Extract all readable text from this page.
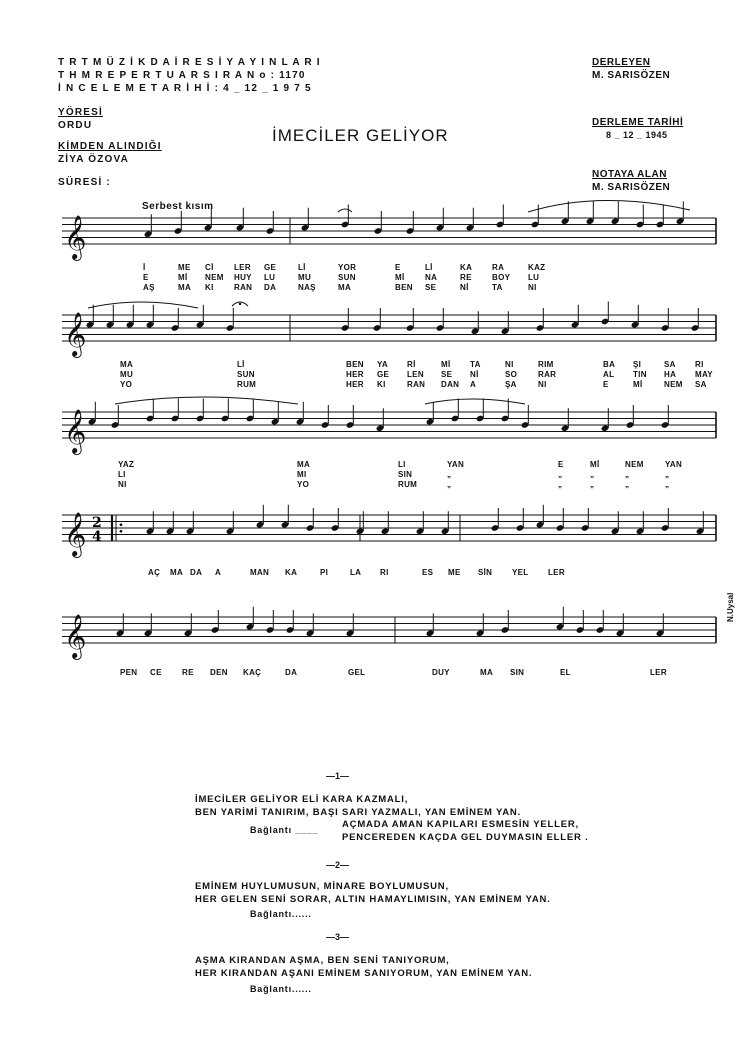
T R T M Ü Z İ K D A İ R E S İ Y A Y I N L A R I
T H M R E P E R T U A R S I R A N o : 1170
İ N C E L E M E T A R İ H İ : 4 _ 12 _ 1 9 7 5
YÖRESİ
ORDU
KİMDEN ALINDIĞI
ZİYA ÖZOVA
SÜRESİ :
DERLEYEN
M. SARISÖZEN
DERLEME TARİHİ
8 _ 12 _ 1945
NOTAYA ALAN
M. SARISÖZEN
İMECİLER GELİYOR
Serbest kısım
𝄞
𝄞
𝄞
𝄞 2
4
𝄞
İ	ME Cİ	LER GE	Lİ	YOR	E	Lİ	KA RA	KAZ
E	Mİ NEM HUY LU	MU	SUN	Mİ	NA	RE	BOY LU
AŞ	MA KI	RAN DA	NAŞ	MA	BEN SE	Nİ	TA	NI
MA	Lİ	BEN YA Rİ	Mİ TA	NI	RIM	BA ŞI	SA RI
MU	SUN	HER GE LEN SE Nİ	SO	RAR	AL TIN HA MAY
YO	RUM	HER KI	RAN DAN A	ŞA	NI	E	Mİ	NEM SA
YAZ	MA	LI	YAN	E	Mİ	NEM	YAN
LI	MI	SIN	„	„	„	„	„
NI	YO	RUM	„	„	„	„	„
AÇ MA DA A	MAN KA	PI	LA RI	ES ME SİN YEL LER
PEN CE	RE DEN KAÇ	DA	GEL	DUY	MA SIN	EL	LER
N.Uysal
—1—
İMECİLER GELİYOR ELİ KARA KAZMALI,
BEN YARİMİ TANIRIM, BAŞI SARI YAZMALI, YAN EMİNEM YAN.
Bağlantı ____ AÇMADA AMAN KAPILARI ESMESİN YELLER,
PENCEREDEN KAÇDA GEL DUYMASIN ELLER .
—2—
EMİNEM HUYLUMUSUN, MİNARE BOYLUMUSUN,
HER GELEN SENİ SORAR, ALTIN HAMAYLIMISIN, YAN EMİNEM YAN.
Bağlantı......
—3—
AŞMA KIRANDAN AŞMA, BEN SENİ TANIYORUM,
HER KIRANDAN AŞANI EMİNEM SANIYORUM, YAN EMİNEM YAN.
Bağlantı......
